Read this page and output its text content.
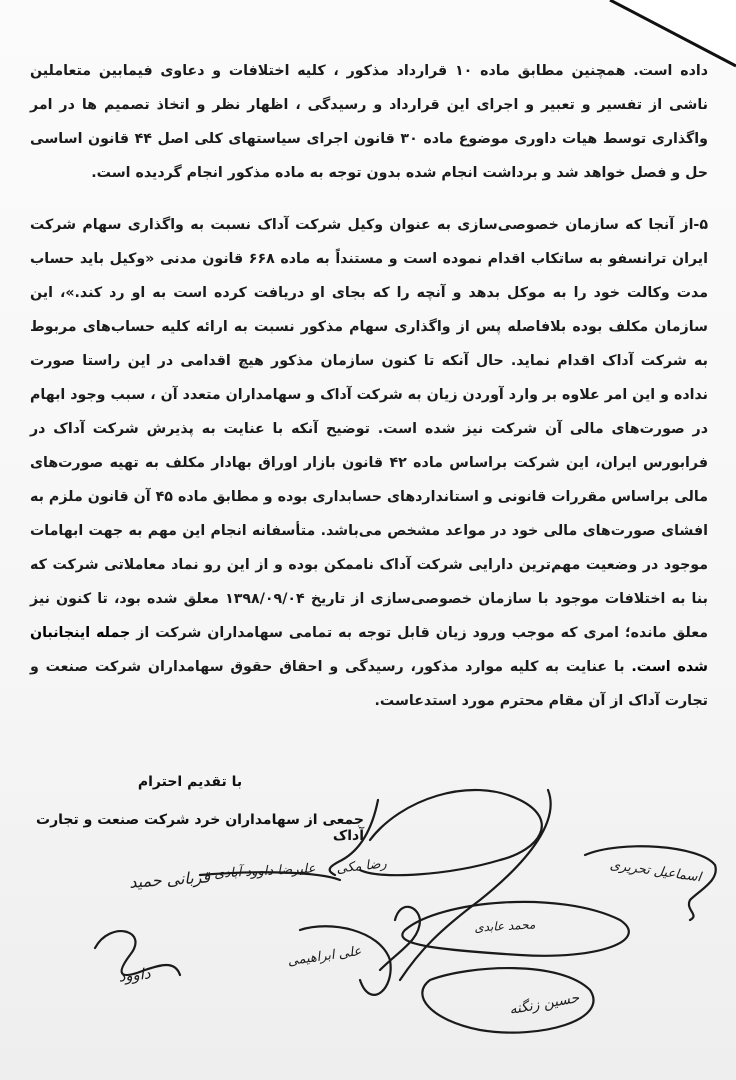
داده است. همچنین مطابق ماده ۱۰ قرارداد مذکور ، کلیه اختلافات و دعاوی فیمابین متعاملین ناشی از تفسیر و تعبیر و اجرای این قرارداد و رسیدگی ، اظهار نظر و اتخاذ تصمیم ها در امر واگذاری توسط هیات داوری موضوع ماده ۳۰ قانون اجرای سیاستهای کلی اصل ۴۴ قانون اساسی حل و فصل خواهد شد و برداشت انجام شده بدون توجه به ماده مذکور انجام گردیده است.

۵-از آنجا که سازمان خصوصی‌سازی به عنوان وکیل شرکت آداک نسبت به واگذاری سهام شرکت ایران ترانسفو به ساتکاب اقدام نموده است و مستنداً به ماده ۶۶۸ قانون مدنی «وکیل باید حساب مدت وکالت خود را به موکل بدهد و آنچه را که بجای او دریافت کرده است به او رد کند.»، این سازمان مکلف بوده بلافاصله پس از واگذاری سهام مذکور نسبت به ارائه کلیه حساب‌های مربوط به شرکت آداک اقدام نماید. حال آنکه تا کنون سازمان مذکور هیچ اقدامی در این راستا صورت نداده و این امر علاوه بر وارد آوردن زیان به شرکت آداک و سهامداران متعدد آن ، سبب وجود ابهام در صورت‌های مالی آن شرکت نیز شده است. توضیح آنکه با عنایت به پذیرش شرکت آداک در فرابورس ایران، این شرکت براساس ماده ۴۲ قانون بازار اوراق بهادار مکلف به تهیه صورت‌های مالی براساس مقررات قانونی و استانداردهای حسابداری بوده و مطابق ماده ۴۵ آن قانون ملزم به افشای صورت‌های مالی خود در مواعد مشخص می‌باشد. متأسفانه انجام این مهم به جهت ابهامات موجود در وضعیت مهم‌ترین دارایی شرکت آداک ناممکن بوده و از این رو نماد معاملاتی شرکت که بنا به اختلافات موجود با سازمان خصوصی‌سازی از تاریخ ۱۳۹۸/۰۹/۰۴ معلق شده بود، تا کنون نیز معلق مانده؛ امری که موجب ورود زیان قابل توجه به تمامی سهامداران شرکت از جمله اینجانبان شده است. با عنایت به کلیه موارد مذکور، رسیدگی و احقاق حقوق سهامداران شرکت صنعت و تجارت آداک از آن مقام محترم مورد استدعاست.

با تقدیم احترام
جمعی از سهامداران خرد شرکت صنعت و تجارت آداک
قربانی حمید علیرضا داوود آبادی رضا مکی	اسماعیل تحریری
محمد عابدی
علی ابراهیمی
حسین زنگنه
داوود
